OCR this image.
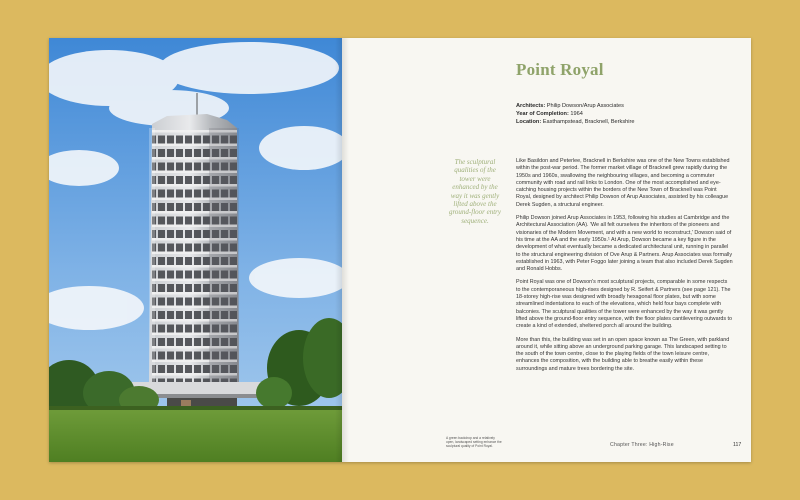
Point Royal
Architects: Philip Dowson/Arup Associates
Year of Completion: 1964
Location: Easthampstead, Bracknell, Berkshire
The sculptural qualities of the tower were enhanced by the way it was gently lifted above the ground-floor entry sequence.

Like Basildon and Peterlee, Bracknell in Berkshire was one of the New Towns established within the post-war period. The former market village of Bracknell grew rapidly during the 1950s and 1960s, swallowing the neighbouring villages, and becoming a commuter community with road and rail links to London. One of the most accomplished and eye-catching housing projects within the borders of the New Town of Bracknell was Point Royal, designed by architect Philip Dowson of Arup Associates, assisted by his colleague Derek Sugden, a structural engineer.

Philip Dowson joined Arup Associates in 1953, following his studies at Cambridge and the Architectural Association (AA). 'We all felt ourselves the inheritors of the pioneers and visionaries of the Modern Movement, and with a new world to reconstruct,' Dowson said of his time at the AA and the early 1950s.¹ At Arup, Dowson became a key figure in the development of what eventually became a dedicated architectural unit, running in parallel to the structural engineering division of Ove Arup & Partners. Arup Associates was formally established in 1963, with Peter Foggo later joining a team that also included Derek Sugden and Ronald Hobbs.

Point Royal was one of Dowson's most sculptural projects, comparable in some respects to the contemporaneous high-rises designed by R. Seifert & Partners (see page 121). The 18-storey high-rise was designed with broadly hexagonal floor plates, but with some streamlined indentations to each of the elevations, which held four bays complete with balconies. The sculptural qualities of the tower were enhanced by the way it was gently lifted above the ground-floor entry sequence, with the floor plates cantilevering outwards to create a kind of extended, sheltered porch all around the building.

More than this, the building was set in an open space known as The Green, with parkland around it, while sitting above an underground parking garage. This landscaped setting to the south of the town centre, close to the playing fields of the town leisure centre, enhances the composition, with the building able to breathe easily within these surroundings and mature trees bordering the site.

A green backdrop and a relatively open, landscaped setting enhance the sculptural quality of Point Royal.	Chapter Three: High-Rise	117
